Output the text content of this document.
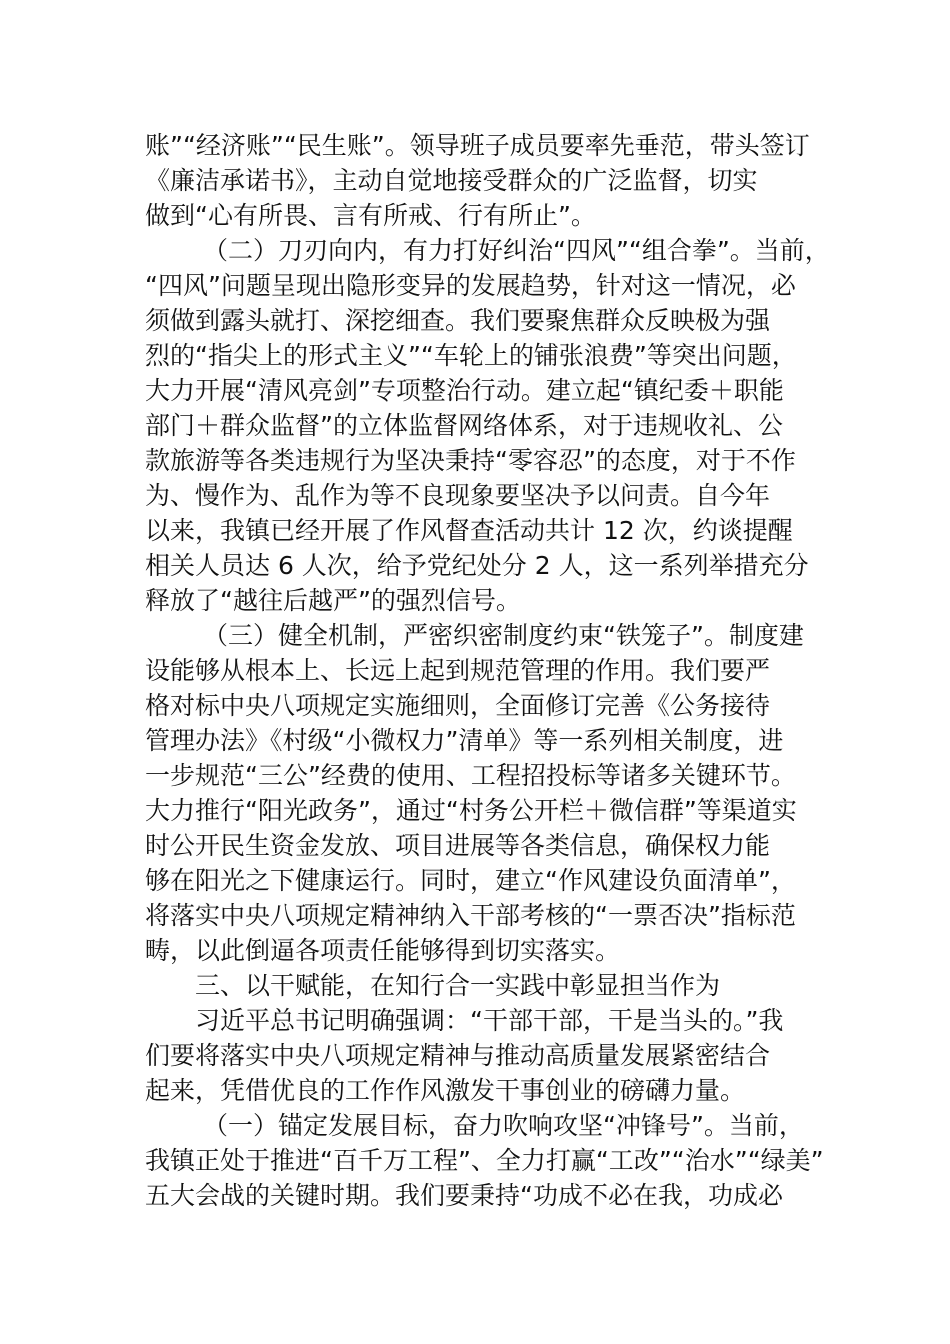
账”“经济账”“民生账”。领导班子成员要率先垂范，带头签订
《廉洁承诺书》，主动自觉地接受群众的广泛监督，切实
做到“心有所畏、言有所戒、行有所止”。
（二）刀刃向内，有力打好纠治“四风”“组合拳”。当前，
“四风”问题呈现出隐形变异的发展趋势，针对这一情况，必
须做到露头就打、深挖细查。我们要聚焦群众反映极为强
烈的“指尖上的形式主义”“车轮上的铺张浪费”等突出问题，
大力开展“清风亮剑”专项整治行动。建立起“镇纪委＋职能
部门＋群众监督”的立体监督网络体系，对于违规收礼、公
款旅游等各类违规行为坚决秉持“零容忍”的态度，对于不作
为、慢作为、乱作为等不良现象要坚决予以问责。自今年
以来，我镇已经开展了作风督查活动共计 12 次，约谈提醒
相关人员达 6 人次，给予党纪处分 2 人，这一系列举措充分
释放了“越往后越严”的强烈信号。
（三）健全机制，严密织密制度约束“铁笼子”。制度建
设能够从根本上、长远上起到规范管理的作用。我们要严
格对标中央八项规定实施细则，全面修订完善《公务接待
管理办法》《村级“小微权力”清单》等一系列相关制度，进
一步规范“三公”经费的使用、工程招投标等诸多关键环节。
大力推行“阳光政务”，通过“村务公开栏＋微信群”等渠道实
时公开民生资金发放、项目进展等各类信息，确保权力能
够在阳光之下健康运行。同时，建立“作风建设负面清单”，
将落实中央八项规定精神纳入干部考核的“一票否决”指标范
畴，以此倒逼各项责任能够得到切实落实。
三、以干赋能，在知行合一实践中彰显担当作为
习近平总书记明确强调：“干部干部，干是当头的。”我
们要将落实中央八项规定精神与推动高质量发展紧密结合
起来，凭借优良的工作作风激发干事创业的磅礴力量。
（一）锚定发展目标，奋力吹响攻坚“冲锋号”。当前，
我镇正处于推进“百千万工程”、全力打赢“工改”“治水”“绿美”
五大会战的关键时期。我们要秉持“功成不必在我，功成必
